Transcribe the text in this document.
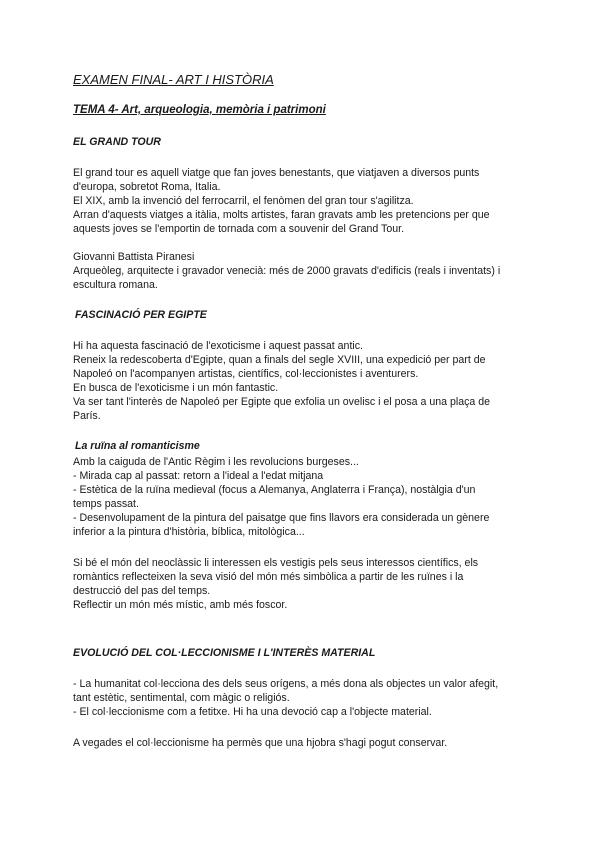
EXAMEN FINAL- ART I HISTÒRIA
TEMA 4- Art, arqueologia, memòria i patrimoni
EL GRAND TOUR
El grand tour es aquell viatge que fan joves benestants, que viatjaven a diversos punts
d'europa, sobretot Roma, Italia.
El XIX, amb la invenció del ferrocarril, el fenòmen del gran tour s'agilitza.
Arran d'aquests viatges a itàlia, molts artistes, faran gravats amb les pretencions per que
aquests joves se l'emportin de tornada com a souvenir del Grand Tour.
Giovanni Battista Piranesi
Arqueòleg, arquitecte i gravador venecià: més de 2000 gravats d'edificis (reals i inventats) i
escultura romana.
FASCINACIÓ PER EGIPTE
Hi ha aquesta fascinació de l'exoticisme i aquest passat antic.
Reneix la redescoberta d'Egipte, quan a finals del segle XVIII, una expedició per part de
Napoleó on l'acompanyen artistas, científics, col·leccionistes i aventurers.
En busca de l'exoticisme i un món fantastic.
Va ser tant l'interès de Napoleó per Egipte que exfolia un ovelisc i el posa a una plaça de
París.
La ruïna al romanticisme
Amb la caiguda de l'Antic Règim i les revolucions burgeses...
- Mirada cap al passat: retorn a l'ideal a l'edat mitjana
- Estètica de la ruïna medieval (focus a Alemanya, Anglaterra i França), nostàlgia d'un
temps passat.
- Desenvolupament de la pintura del paisatge que fins llavors era considerada un gènere
inferior a la pintura d'història, bíblica, mitològica...
Si bé el món del neoclàssic li interessen els vestigis pels seus interessos científics, els
romàntics reflecteixen la seva visió del món més simbòlica a partir de les ruïnes i la
destrucció del pas del temps.
Reflectir un món més místic, amb més foscor.
EVOLUCIÓ DEL COL·LECCIONISME I L'INTERÈS MATERIAL
- La humanitat col·lecciona des dels seus orígens, a més dona als objectes un valor afegit,
tant estètic, sentimental, com màgic o religiós.
- El col·leccionisme com a fetitxe. Hi ha una devoció cap a l'objecte material.
A vegades el col·leccionisme ha permès que una hjobra s'hagi pogut conservar.
